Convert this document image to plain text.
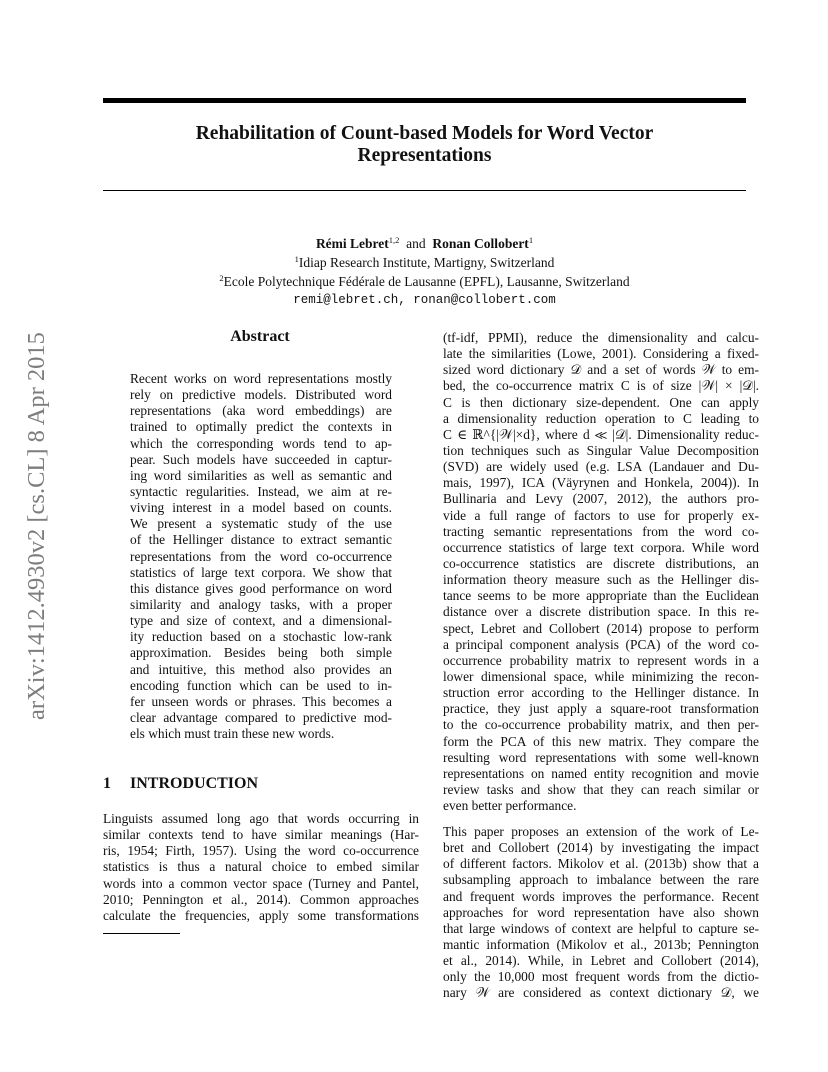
Rehabilitation of Count-based Models for Word Vector
Representations
Rémi Lebret$^{1,2}$ and Ronan Collobert$^1$
$^1$Idiap Research Institute, Martigny, Switzerland
$^2$Ecole Polytechnique Fédérale de Lausanne (EPFL), Lausanne, Switzerland
remi@lebret.ch, ronan@collobert.com
arXiv:1412.4930v2 [cs.CL] 8 Apr 2015	Abstract
Recent works on word representations mostly
rely on predictive models. Distributed word
representations (aka word embeddings) are
trained to optimally predict the contexts in
which the corresponding words tend to ap-
pear. Such models have succeeded in captur-
ing word similarities as well as semantic and
syntactic regularities. Instead, we aim at re-
viving interest in a model based on counts.
We present a systematic study of the use
of the Hellinger distance to extract semantic
representations from the word co-occurrence
statistics of large text corpora. We show that
this distance gives good performance on word
similarity and analogy tasks, with a proper
type and size of context, and a dimensional-
ity reduction based on a stochastic low-rank
approximation. Besides being both simple
and intuitive, this method also provides an
encoding function which can be used to in-
fer unseen words or phrases. This becomes a
clear advantage compared to predictive mod-
els which must train these new words.
1 INTRODUCTION
Linguists assumed long ago that words occurring in
similar contexts tend to have similar meanings (Har-
ris, 1954; Firth, 1957). Using the word co-occurrence
statistics is thus a natural choice to embed similar
words into a common vector space (Turney and Pantel,
2010; Pennington et al., 2014). Common approaches
calculate the frequencies, apply some transformations
(tf-idf, PPMI), reduce the dimensionality and calcu-
late the similarities (Lowe, 2001). Considering a fixed-
sized word dictionary 𝒟 and a set of words 𝒲 to em-
bed, the co-occurrence matrix C is of size |𝒲| × |𝒟|.
C is then dictionary size-dependent. One can apply
a dimensionality reduction operation to C leading to
C ∈ ℝ^{|𝒲|×d}, where d ≪ |𝒟|. Dimensionality reduc-
tion techniques such as Singular Value Decomposition
(SVD) are widely used (e.g. LSA (Landauer and Du-
mais, 1997), ICA (Väyrynen and Honkela, 2004)). In
Bullinaria and Levy (2007, 2012), the authors pro-
vide a full range of factors to use for properly ex-
tracting semantic representations from the word co-
occurrence statistics of large text corpora. While word
co-occurrence statistics are discrete distributions, an
information theory measure such as the Hellinger dis-
tance seems to be more appropriate than the Euclidean
distance over a discrete distribution space. In this re-
spect, Lebret and Collobert (2014) propose to perform
a principal component analysis (PCA) of the word co-
occurrence probability matrix to represent words in a
lower dimensional space, while minimizing the recon-
struction error according to the Hellinger distance. In
practice, they just apply a square-root transformation
to the co-occurrence probability matrix, and then per-
form the PCA of this new matrix. They compare the
resulting word representations with some well-known
representations on named entity recognition and movie
review tasks and show that they can reach similar or
even better performance.
This paper proposes an extension of the work of Le-
bret and Collobert (2014) by investigating the impact
of different factors. Mikolov et al. (2013b) show that a
subsampling approach to imbalance between the rare
and frequent words improves the performance. Recent
approaches for word representation have also shown
that large windows of context are helpful to capture se-
mantic information (Mikolov et al., 2013b; Pennington
et al., 2014). While, in Lebret and Collobert (2014),
only the 10,000 most frequent words from the dictio-
nary 𝒲 are considered as context dictionary 𝒟, we
